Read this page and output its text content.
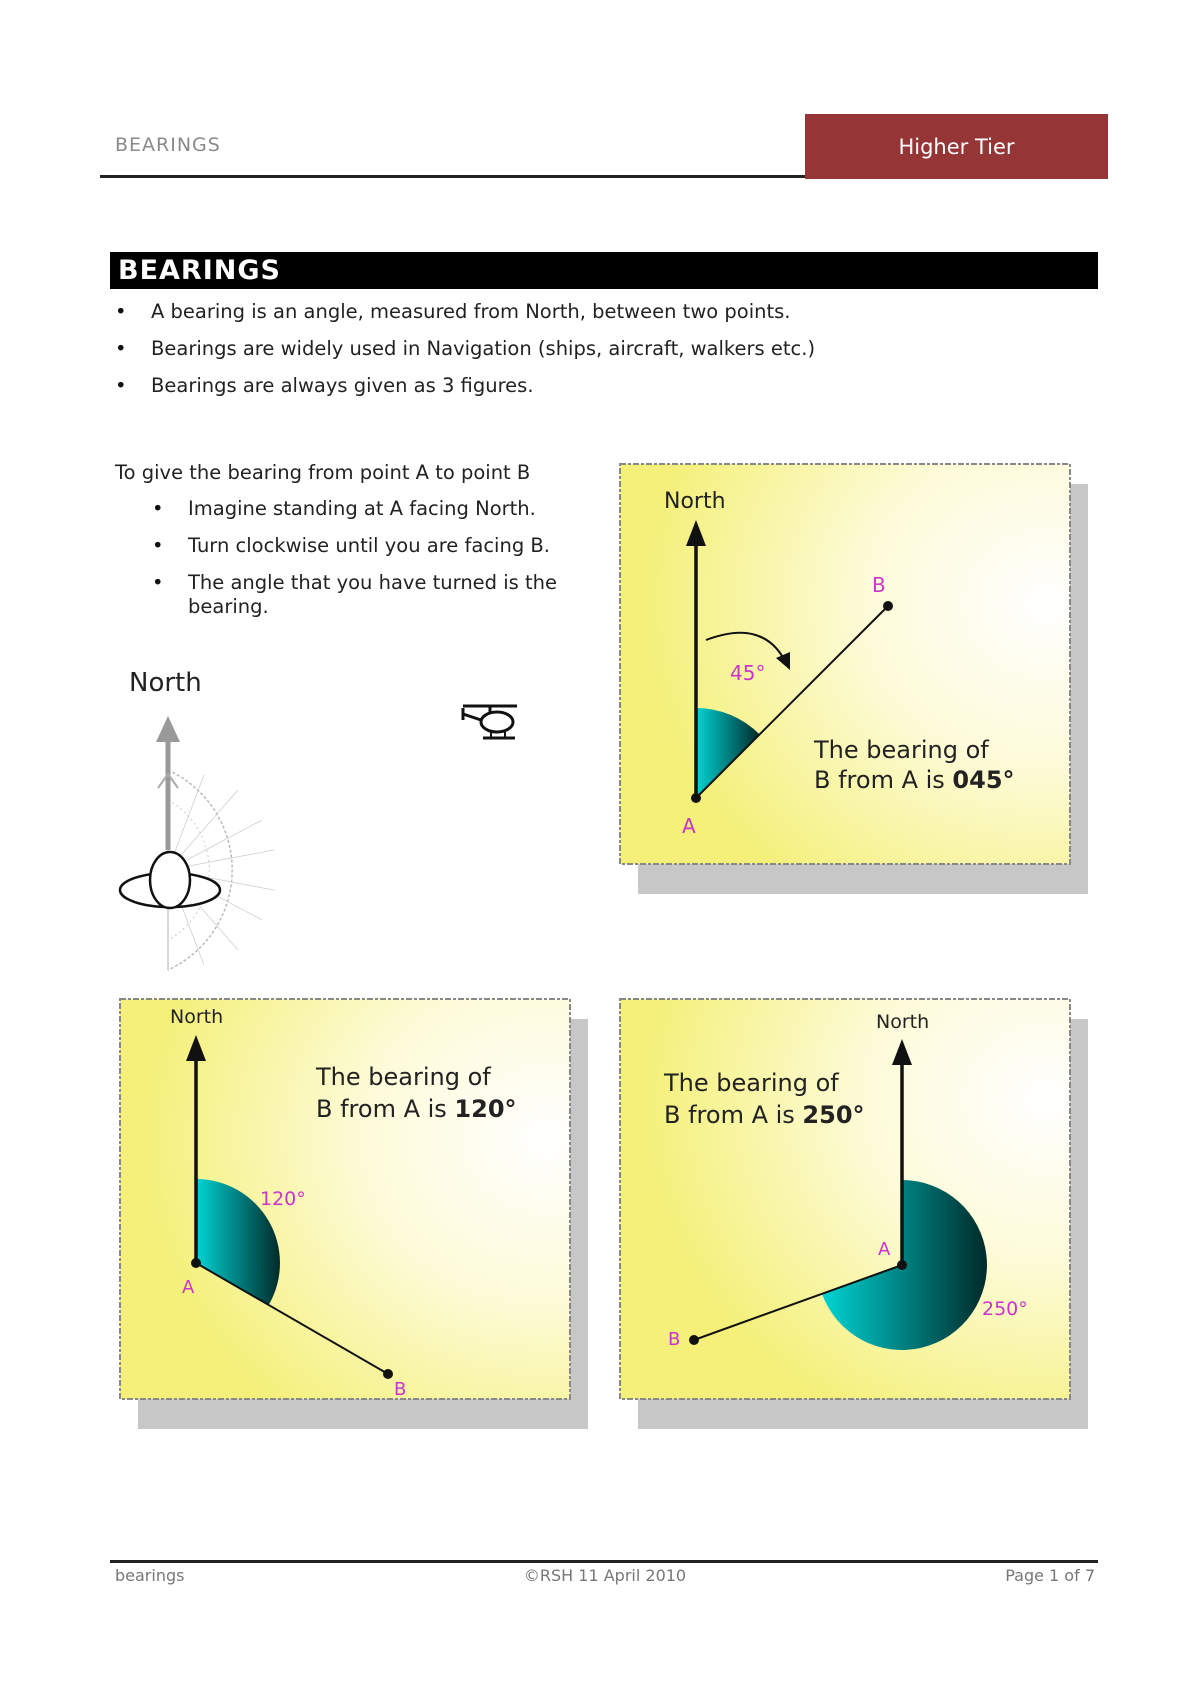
BEARINGS	Higher Tier
BEARINGS
• A bearing is an angle, measured from North, between two points.
• Bearings are widely used in Navigation (ships, aircraft, walkers etc.)
• Bearings are always given as 3 figures.
To give the bearing from point A to point B
• Imagine standing at A facing North.
• Turn clockwise until you are facing B.
• The angle that you have turned is the bearing.
North
North
A
B
45°
The bearing of
B from A is 045°
North
A
B
120°
The bearing of
B from A is 120°
North
A
B
250°
The bearing of
B from A is 250°
bearings	©RSH 11 April 2010	Page 1 of 7
